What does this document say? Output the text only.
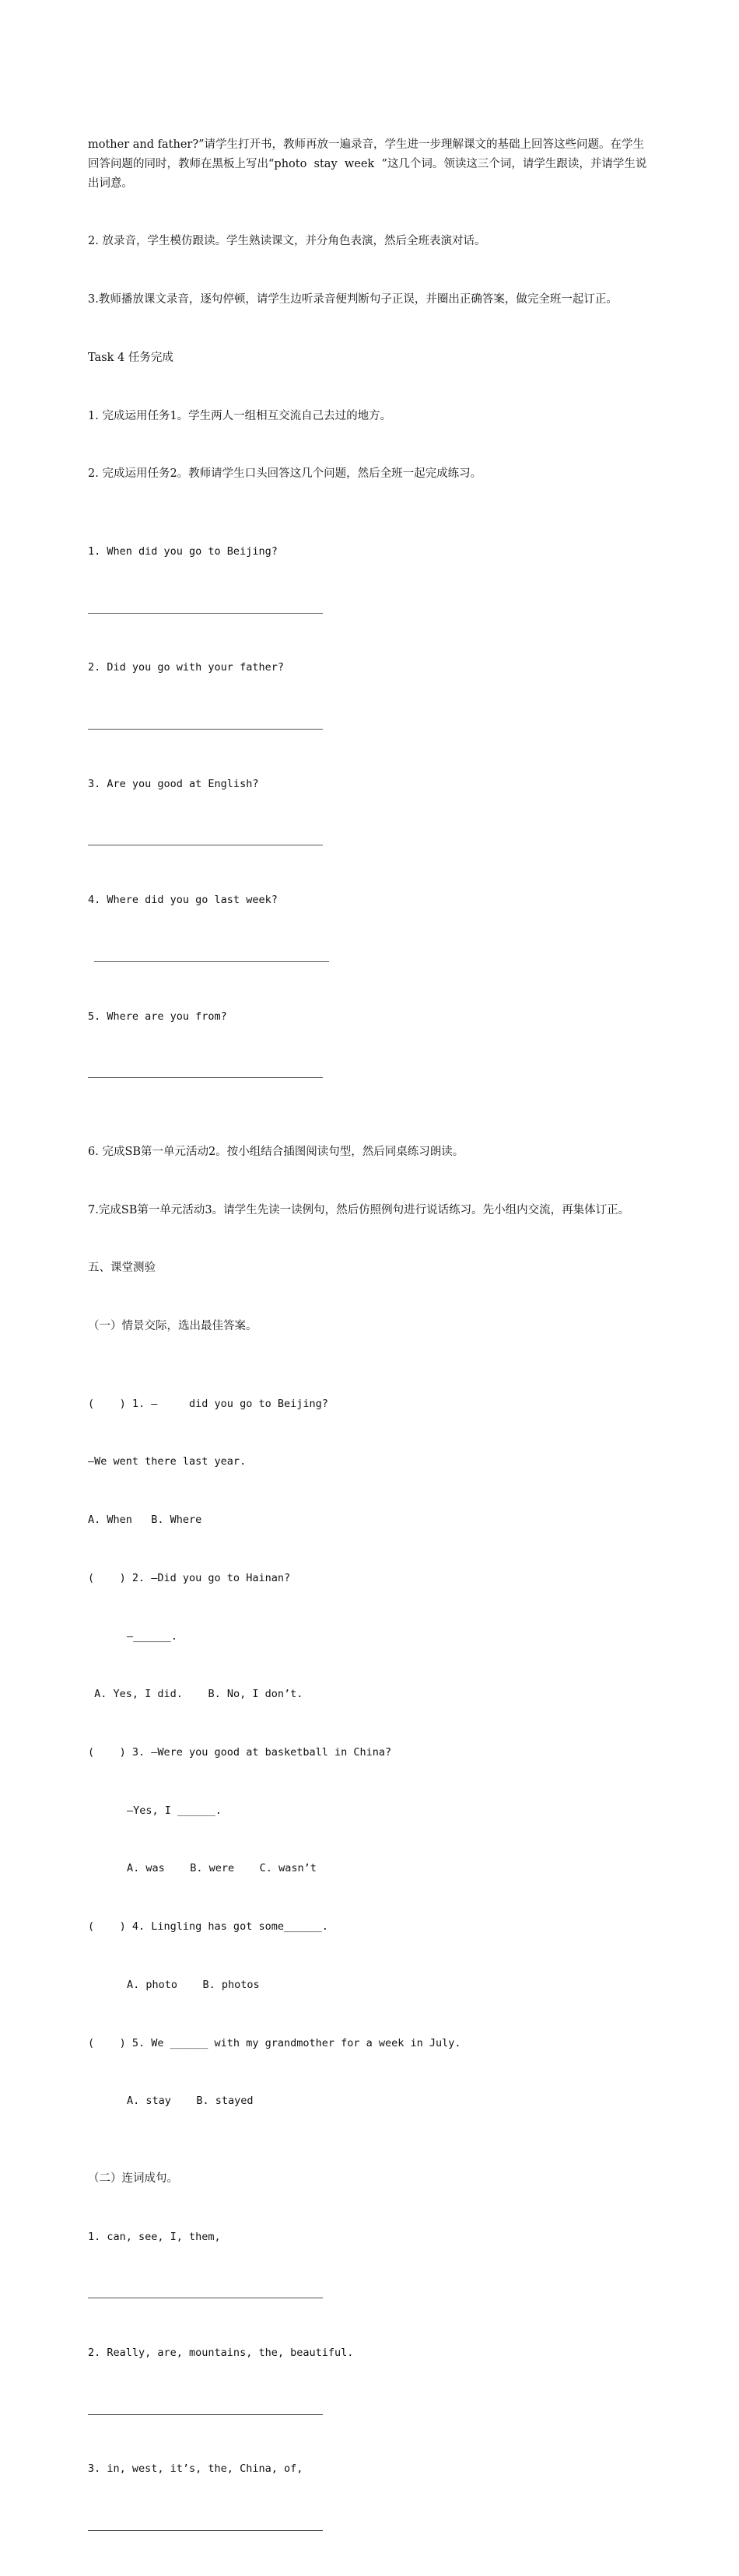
mother and father?”请学生打开书，教师再放一遍录音，学生进一步理解课文的基础上回答这些问题。在学生回答问题的同时，教师在黑板上写出“photo  stay  week  ”这几个词。领读这三个词，请学生跟读，并请学生说出词意。

2. 放录音，学生模仿跟读。学生熟读课文，并分角色表演，然后全班表演对话。

3.教师播放课文录音，逐句停顿，请学生边听录音便判断句子正误，并圈出正确答案，做完全班一起订正。

Task 4 任务完成

1. 完成运用任务1。学生两人一组相互交流自己去过的地方。

2. 完成运用任务2。教师请学生口头回答这几个问题，然后全班一起完成练习。

1. When did you go to Beijing?

2. Did you go with your father?

3. Are you good at English?

4. Where did you go last week?

5. Where are you from?

6. 完成SB第一单元活动2。按小组结合插图阅读句型，然后同桌练习朗读。

7.完成SB第一单元活动3。请学生先读一读例句，然后仿照例句进行说话练习。先小组内交流，再集体订正。

五、课堂测验

（一）情景交际，选出最佳答案。

(    ) 1. —     did you go to Beijing?

—We went there last year.

A. When   B. Where

(    ) 2. —Did you go to Hainan?

—______.

A. Yes, I did.    B. No, I don’t.

(    ) 3. —Were you good at basketball in China?

—Yes, I ______.

A. was    B. were    C. wasn’t

(    ) 4. Lingling has got some______.

A. photo    B. photos

(    ) 5. We ______ with my grandmother for a week in July.

A. stay    B. stayed

（二）连词成句。

1. can, see, I, them,

2. Really, are, mountains, the, beautiful.

3. in, west, it’s, the, China, of,
